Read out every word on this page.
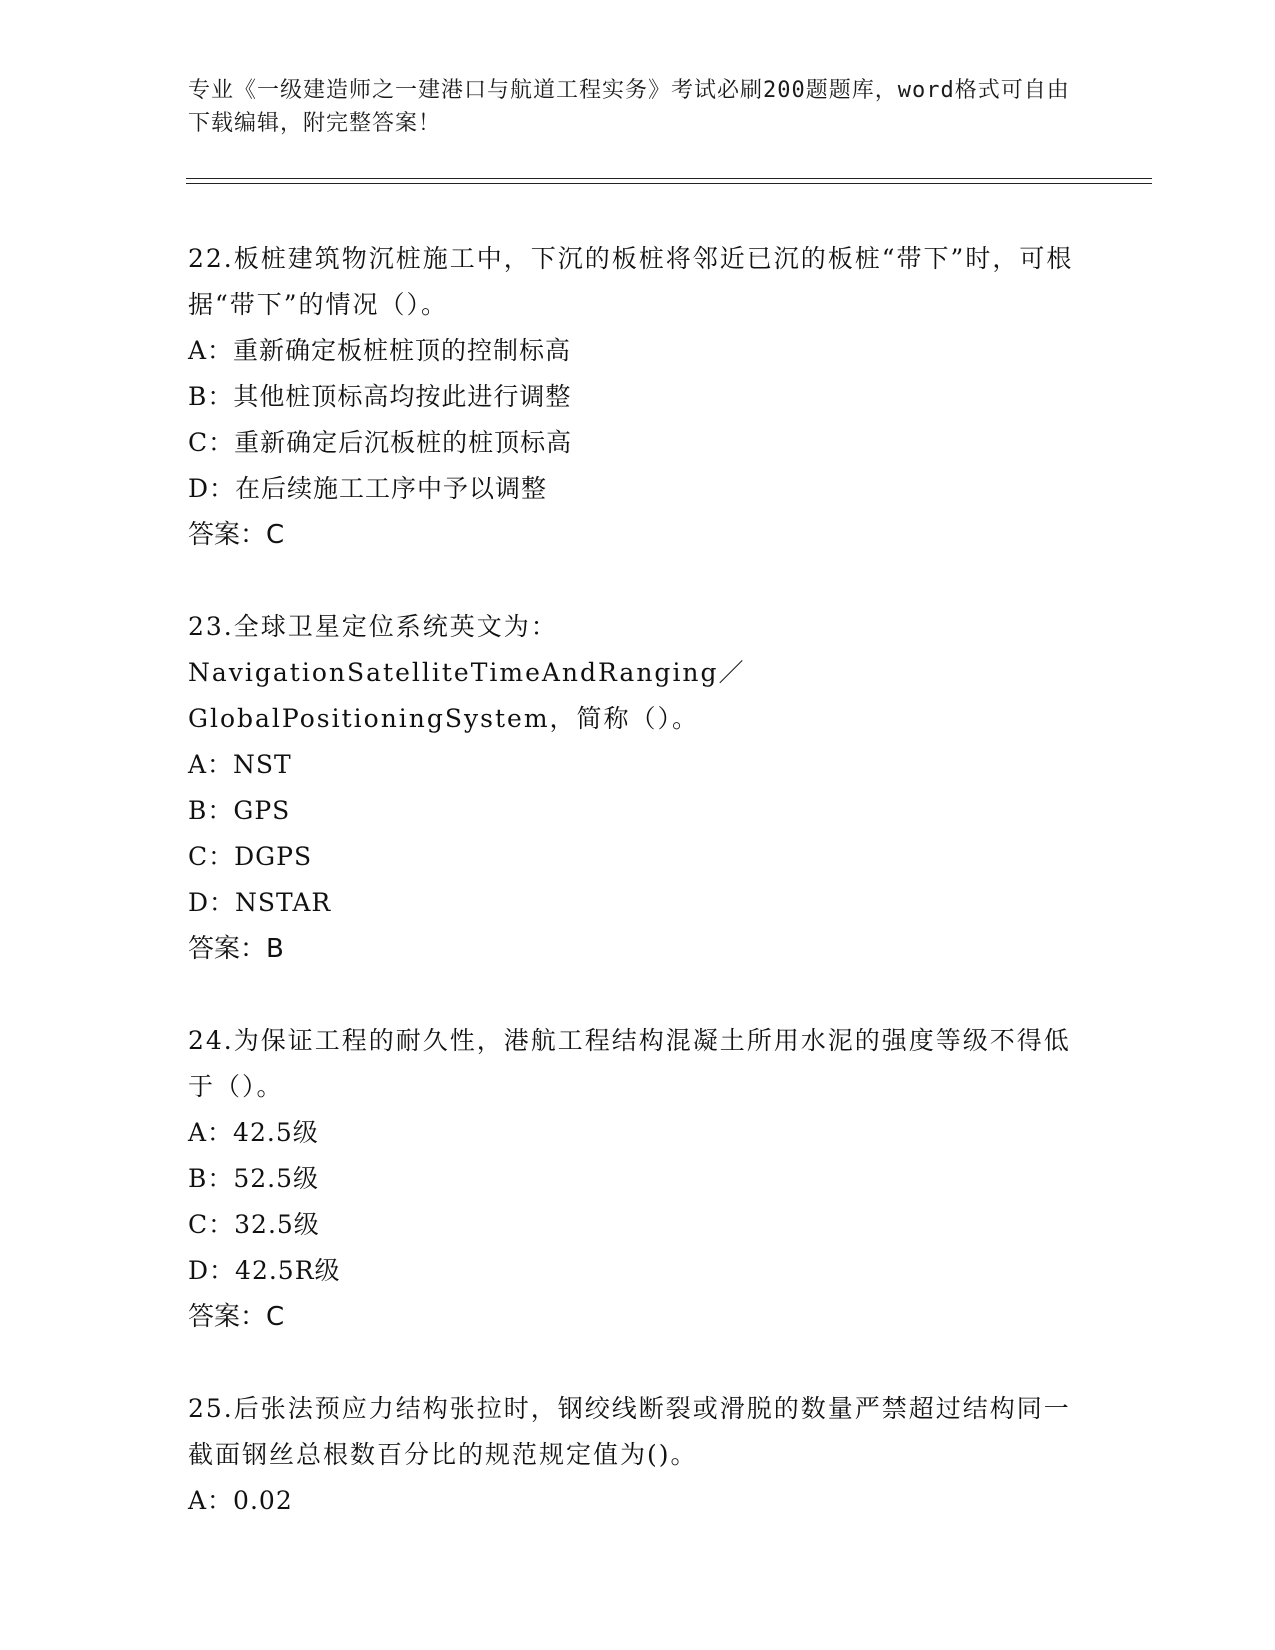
专业《一级建造师之一建港口与航道工程实务》考试必刷200题题库，word格式可自由下载编辑，附完整答案！

22.板桩建筑物沉桩施工中，下沉的板桩将邻近已沉的板桩“带下”时，可根据“带下”的情况（）。

A：重新确定板桩桩顶的控制标高

B：其他桩顶标高均按此进行调整

C：重新确定后沉板桩的桩顶标高

D：在后续施工工序中予以调整

答案：C

23.全球卫星定位系统英文为：NavigationSatelliteTimeAndRanging／GlobalPositioningSystem，简称（）。

A：NST

B：GPS

C：DGPS

D：NSTAR

答案：B

24.为保证工程的耐久性，港航工程结构混凝土所用水泥的强度等级不得低于（）。

A：42.5级

B：52.5级

C：32.5级

D：42.5R级

答案：C

25.后张法预应力结构张拉时，钢绞线断裂或滑脱的数量严禁超过结构同一截面钢丝总根数百分比的规范规定值为()。

A：0.02
